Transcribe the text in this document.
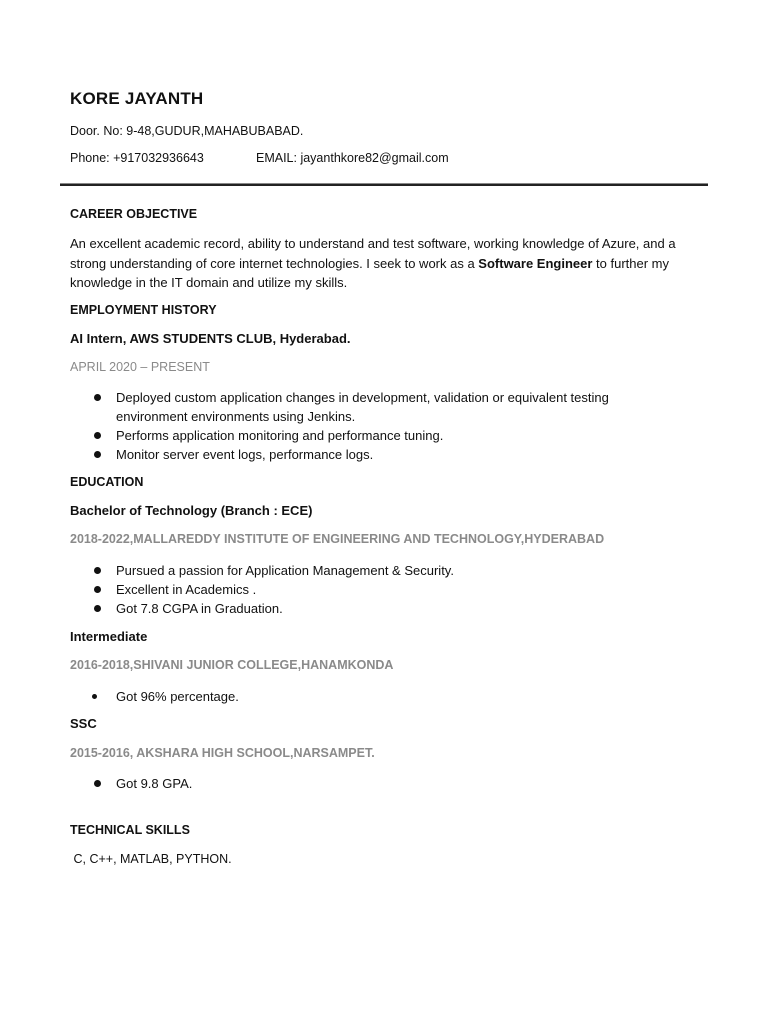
KORE JAYANTH
Door. No: 9-48,GUDUR,MAHABUBABAD.
Phone: +917032936643	EMAIL: jayanthkore82@gmail.com
CAREER OBJECTIVE
An excellent academic record, ability to understand and test software, working knowledge of Azure, and a strong understanding of core internet technologies. I seek to work as a Software Engineer to further my knowledge in the IT domain and utilize my skills.
EMPLOYMENT HISTORY
AI Intern, AWS STUDENTS CLUB, Hyderabad.
APRIL 2020 – PRESENT
Deployed custom application changes in development, validation or equivalent testing
environment environments using Jenkins.
Performs application monitoring and performance tuning.
Monitor server event logs, performance logs.
EDUCATION
Bachelor of Technology (Branch : ECE)
2018-2022,MALLAREDDY INSTITUTE OF ENGINEERING AND TECHNOLOGY,HYDERABAD
Pursued a passion for Application Management & Security.
Excellent in Academics .
Got 7.8 CGPA in Graduation.
Intermediate
2016-2018,SHIVANI JUNIOR COLLEGE,HANAMKONDA
Got 96% percentage.
SSC
2015-2016, AKSHARA HIGH SCHOOL,NARSAMPET.
Got 9.8 GPA.
TECHNICAL SKILLS
C, C++, MATLAB, PYTHON.
